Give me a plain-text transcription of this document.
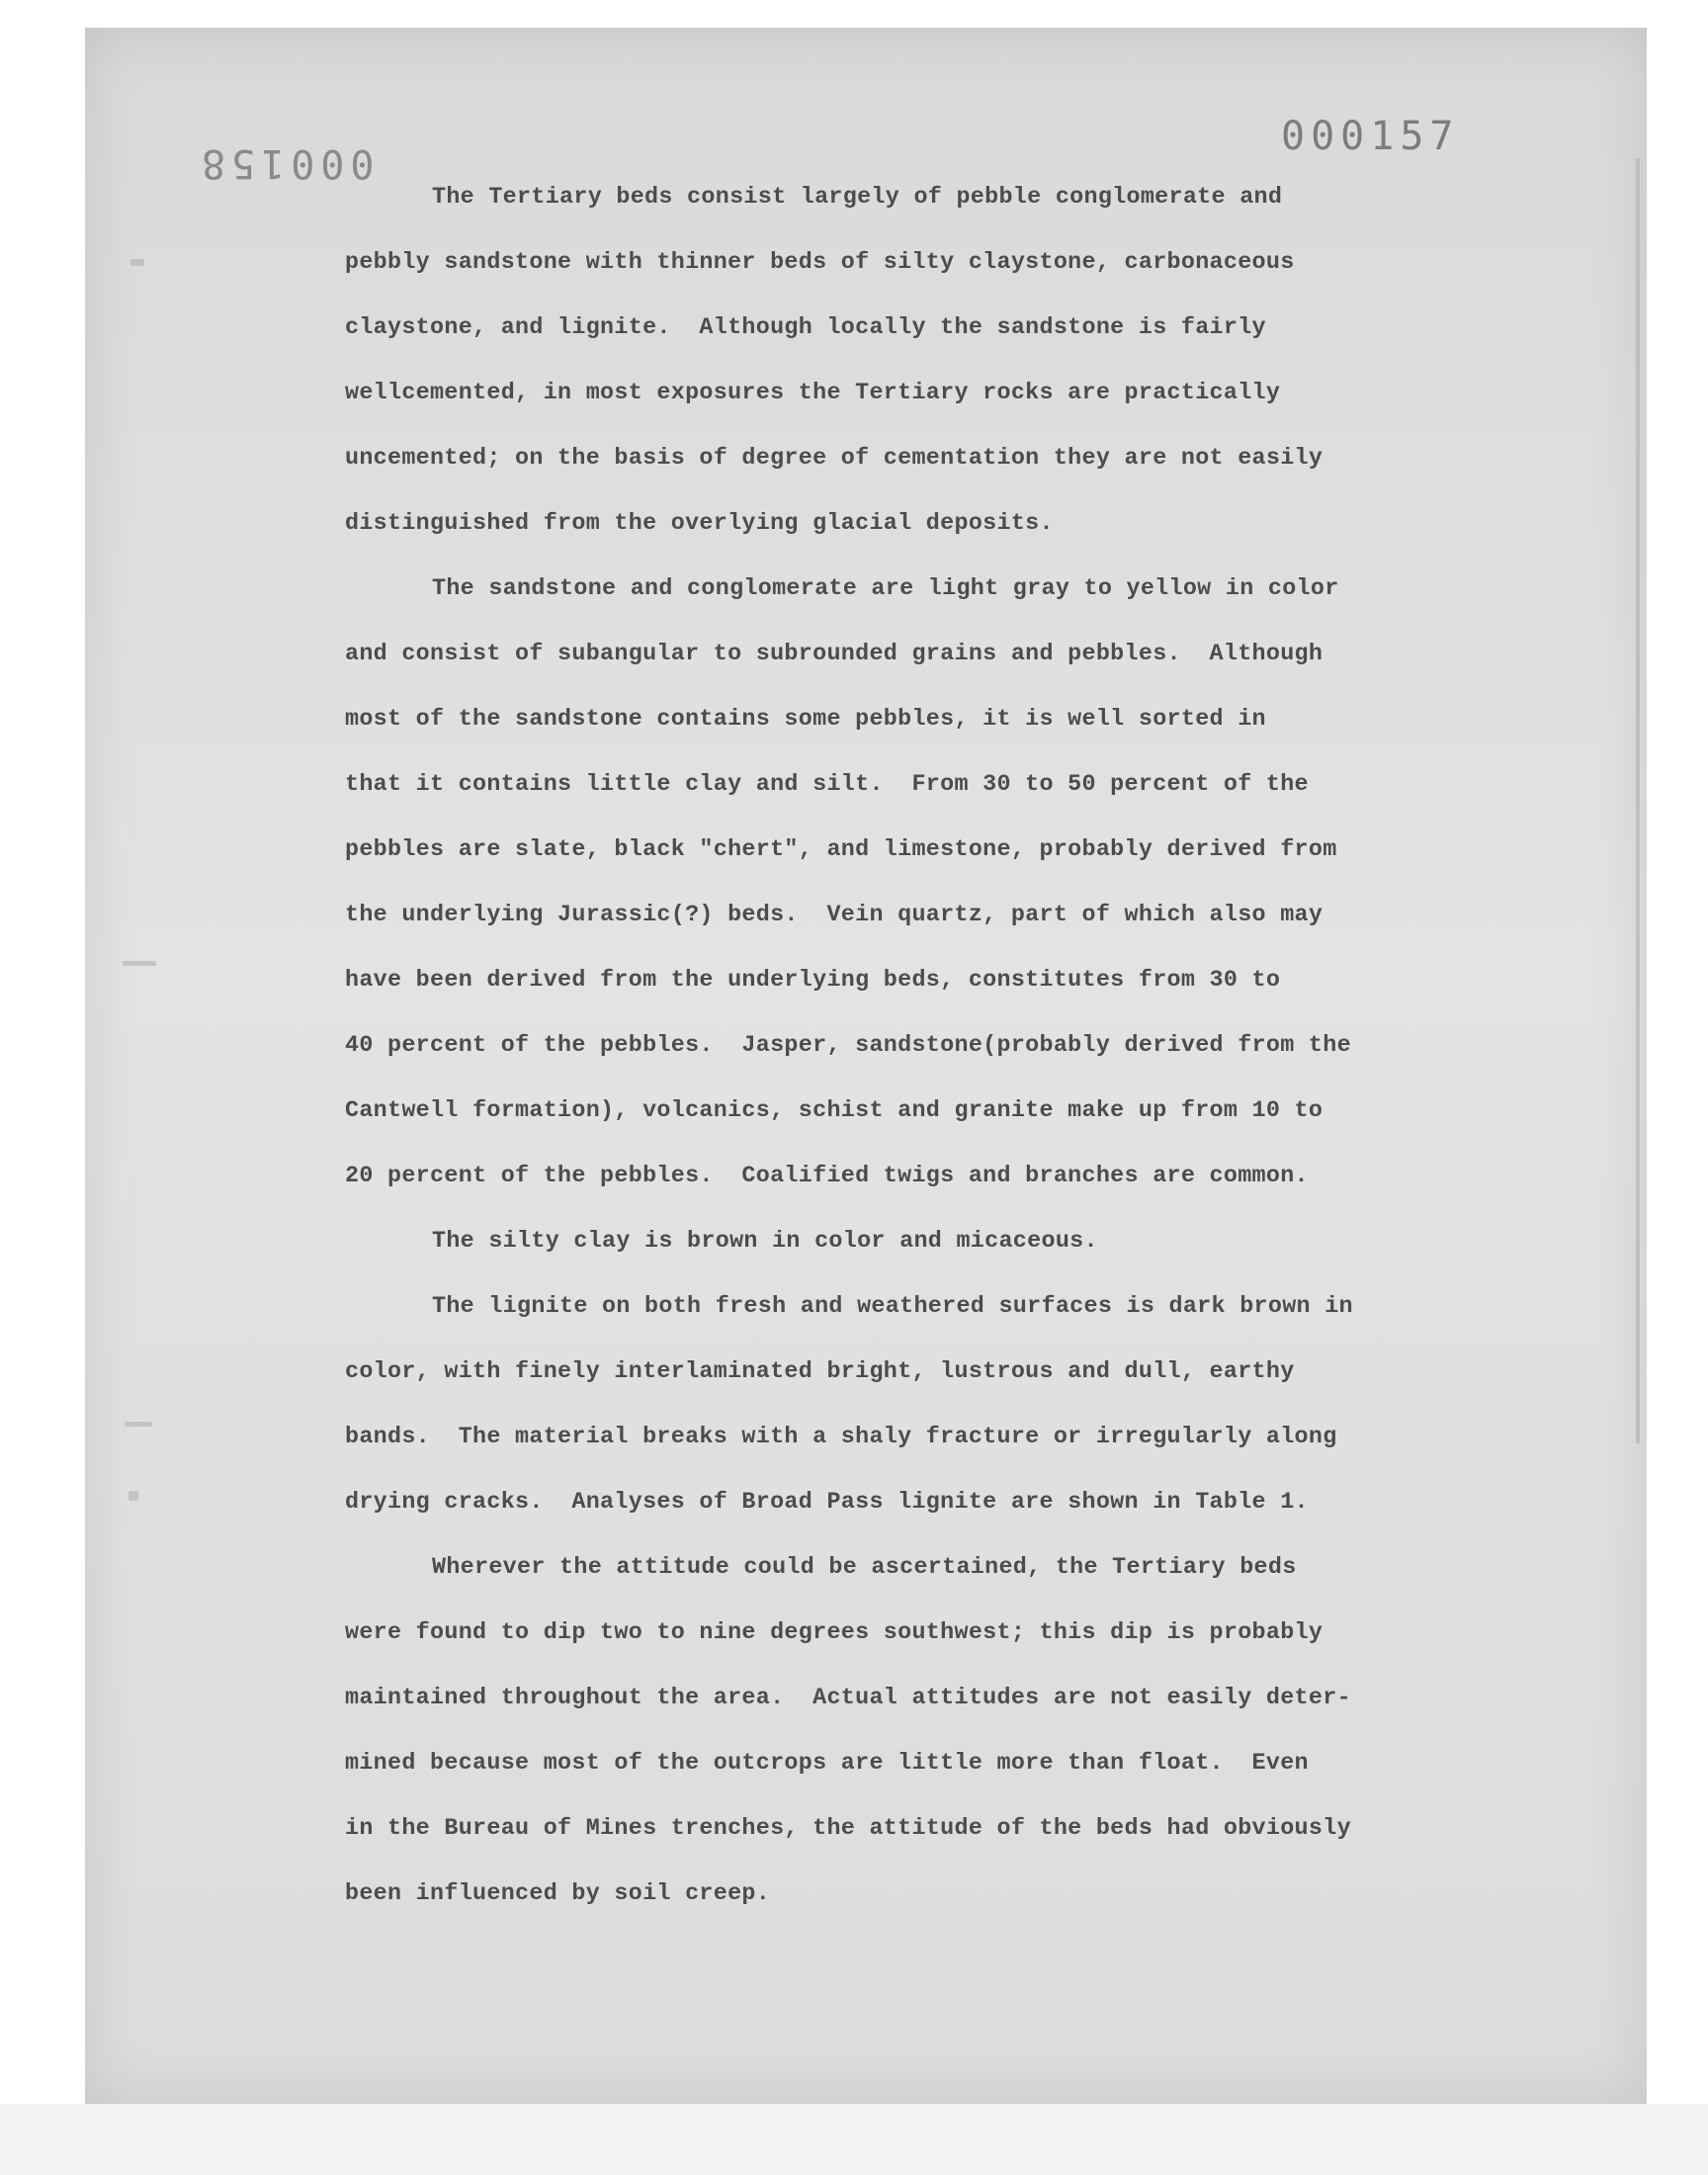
000158
000157
The Tertiary beds consist largely of pebble conglomerate and
pebbly sandstone with thinner beds of silty claystone, carbonaceous
claystone, and lignite.  Although locally the sandstone is fairly
wellcemented, in most exposures the Tertiary rocks are practically
uncemented; on the basis of degree of cementation they are not easily
distinguished from the overlying glacial deposits.
The sandstone and conglomerate are light gray to yellow in color
and consist of subangular to subrounded grains and pebbles.  Although
most of the sandstone contains some pebbles, it is well sorted in
that it contains little clay and silt.  From 30 to 50 percent of the
pebbles are slate, black "chert", and limestone, probably derived from
the underlying Jurassic(?) beds.  Vein quartz, part of which also may
have been derived from the underlying beds, constitutes from 30 to
40 percent of the pebbles.  Jasper, sandstone(probably derived from the
Cantwell formation), volcanics, schist and granite make up from 10 to
20 percent of the pebbles.  Coalified twigs and branches are common.
The silty clay is brown in color and micaceous.
The lignite on both fresh and weathered surfaces is dark brown in
color, with finely interlaminated bright, lustrous and dull, earthy
bands.  The material breaks with a shaly fracture or irregularly along
drying cracks.  Analyses of Broad Pass lignite are shown in Table 1.
Wherever the attitude could be ascertained, the Tertiary beds
were found to dip two to nine degrees southwest; this dip is probably
maintained throughout the area.  Actual attitudes are not easily deter-
mined because most of the outcrops are little more than float.  Even
in the Bureau of Mines trenches, the attitude of the beds had obviously
been influenced by soil creep.
